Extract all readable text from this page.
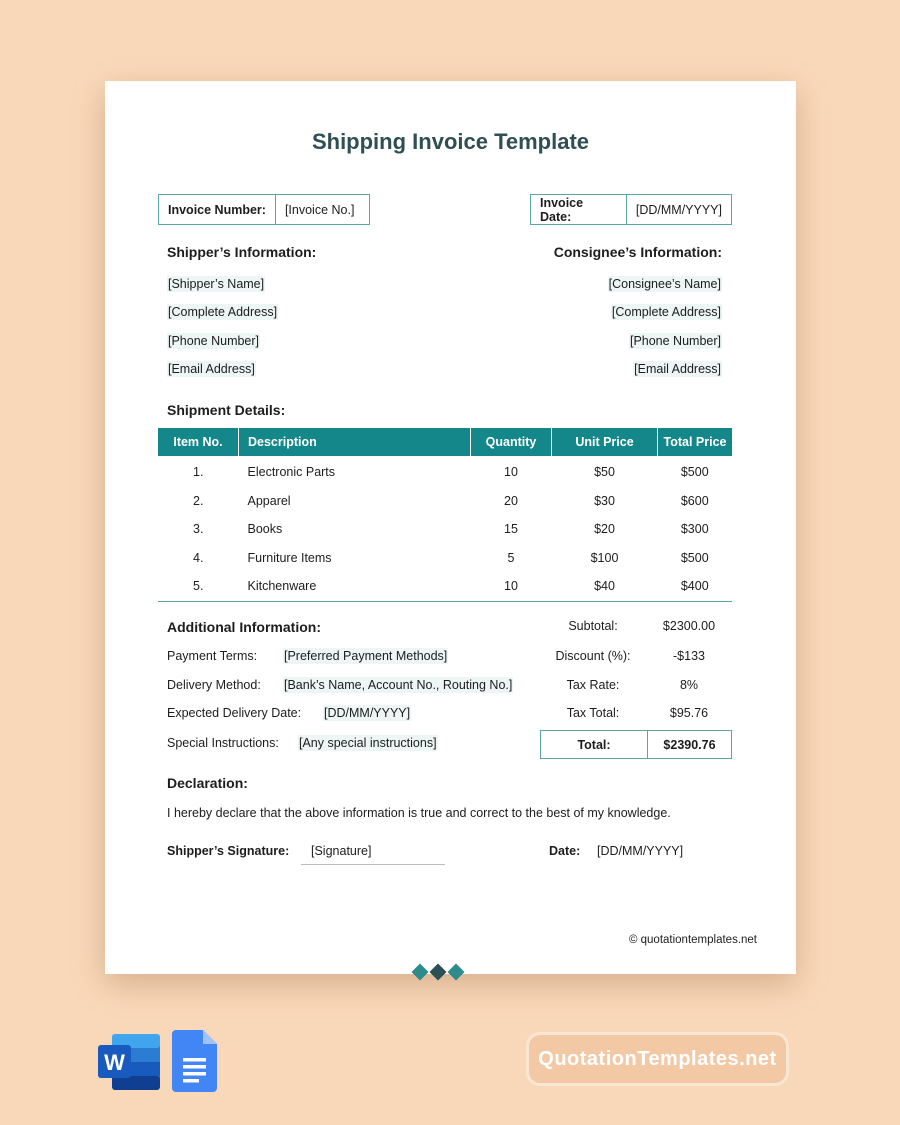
Shipping Invoice Template
Invoice Number:	[Invoice No.]	Invoice Date:	[DD/MM/YYYY]
Shipper’s Information:
[Shipper’s Name]
[Complete Address]
[Phone Number]
[Email Address]
Consignee’s Information:
[Consignee’s Name]
[Complete Address]
[Phone Number]
[Email Address]
Shipment Details:
Item No.	Description	Quantity	Unit Price	Total Price
1.	Electronic Parts	10	$50	$500
2.	Apparel	20	$30	$600
3.	Books	15	$20	$300
4.	Furniture Items	5	$100	$500
5.	Kitchenware	10	$40	$400
Additional Information:
Payment Terms: [Preferred Payment Methods]
Delivery Method: [Bank’s Name, Account No., Routing No.]
Expected Delivery Date: [DD/MM/YYYY]
Special Instructions: [Any special instructions]
Subtotal:	$2300.00
Discount (%):	-$133
Tax Rate:	8%
Tax Total:	$95.76
Total:	$2390.76
Declaration:
I hereby declare that the above information is true and correct to the best of my knowledge.
Shipper’s Signature: [Signature]	Date: [DD/MM/YYYY]
© quotationtemplates.net
W	QuotationTemplates.net
